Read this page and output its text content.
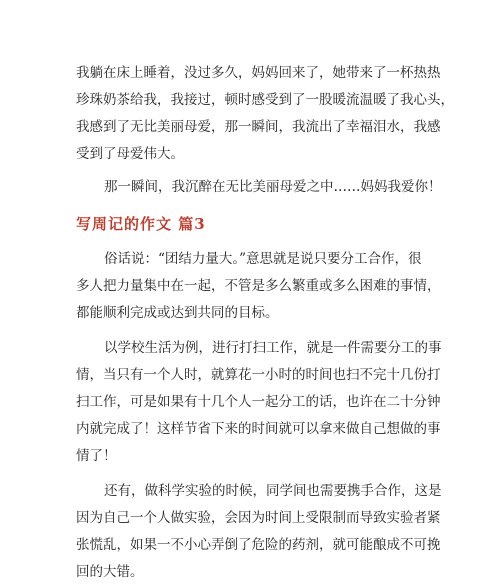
我躺在床上睡着，没过多久，妈妈回来了，她带来了一杯热热
珍珠奶茶给我，我接过，顿时感受到了一股暖流温暖了我心头，
我感到了无比美丽母爱，那一瞬间，我流出了幸福泪水，我感
受到了母爱伟大。
那一瞬间，我沉醉在无比美丽母爱之中……妈妈我爱你！
写周记的作文 篇3
俗话说：“团结力量大。”意思就是说只要分工合作，很
多人把力量集中在一起，不管是多么繁重或多么困难的事情，
都能顺利完成或达到共同的目标。
以学校生活为例，进行打扫工作，就是一件需要分工的事
情，当只有一个人时，就算花一小时的时间也扫不完十几份打
扫工作，可是如果有十几个人一起分工的话，也许在二十分钟
内就完成了！这样节省下来的时间就可以拿来做自己想做的事
情了！
还有，做科学实验的时候，同学间也需要携手合作，这是
因为自己一个人做实验，会因为时间上受限制而导致实验者紧
张慌乱，如果一不小心弄倒了危险的药剂，就可能酿成不可挽
回的大错。
